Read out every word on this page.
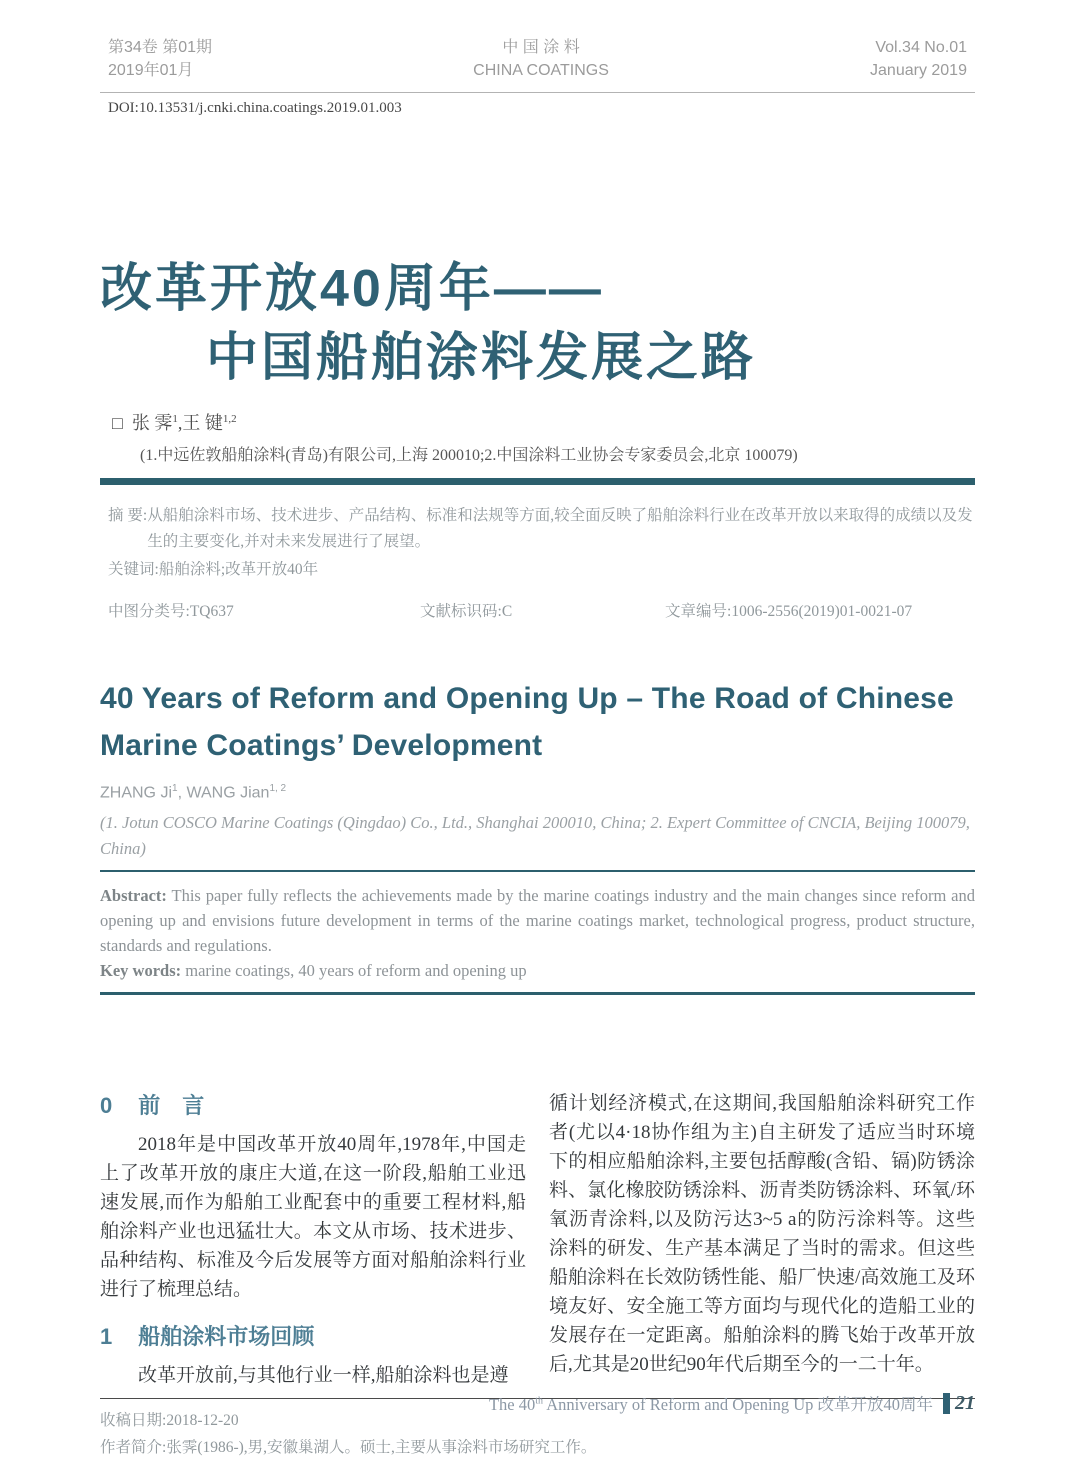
第34卷 第01期
2019年01月
中 国 涂 料
CHINA COATINGS
Vol.34 No.01
January 2019
DOI:10.13531/j.cnki.china.coatings.2019.01.003
改革开放40周年——
中国船舶涂料发展之路
□ 张 霁$^1$,王 键$^{1,2}$
(1.中远佐敦船舶涂料(青岛)有限公司,上海 200010;2.中国涂料工业协会专家委员会,北京 100079)
摘 要: 从船舶涂料市场、技术进步、产品结构、标准和法规等方面,较全面反映了船舶涂料行业在改革开放以来取得的成绩以及发生的主要变化,并对未来发展进行了展望。
关键词:船舶涂料;改革开放40年
中图分类号:TQ637	文献标识码:C	文章编号:1006-2556(2019)01-0021-07
40 Years of Reform and Opening Up – The Road of Chinese
Marine Coatings’ Development
ZHANG Ji$^1$, WANG Jian$^{1, 2}$
(1. Jotun COSCO Marine Coatings (Qingdao) Co., Ltd., Shanghai 200010, China; 2. Expert Committee of CNCIA, Beijing 100079, China)
Abstract: This paper fully reflects the achievements made by the marine coatings industry and the main changes since reform and opening up and envisions future development in terms of the marine coatings market, technological progress, product structure, standards and regulations.
Key words: marine coatings, 40 years of reform and opening up
0 前　言

2018年是中国改革开放40周年,1978年,中国走上了改革开放的康庄大道,在这一阶段,船舶工业迅速发展,而作为船舶工业配套中的重要工程材料,船舶涂料产业也迅猛壮大。本文从市场、技术进步、品种结构、标准及今后发展等方面对船舶涂料行业进行了梳理总结。

1 船舶涂料市场回顾

改革开放前,与其他行业一样,船舶涂料也是遵

循计划经济模式,在这期间,我国船舶涂料研究工作者(尤以4·18协作组为主)自主研发了适应当时环境下的相应船舶涂料,主要包括醇酸(含铅、镉)防锈涂料、氯化橡胶防锈涂料、沥青类防锈涂料、环氧/环氧沥青涂料,以及防污达3~5 a的防污涂料等。这些涂料的研发、生产基本满足了当时的需求。但这些船舶涂料在长效防锈性能、船厂快速/高效施工及环境友好、安全施工等方面均与现代化的造船工业的发展存在一定距离。船舶涂料的腾飞始于改革开放后,尤其是20世纪90年代后期至今的一二十年。

收稿日期:2018-12-20
作者简介:张霁(1986-),男,安徽巢湖人。硕士,主要从事涂料市场研究工作。
The 40th Anniversary of Reform and Opening Up 改革开放40周年 21
